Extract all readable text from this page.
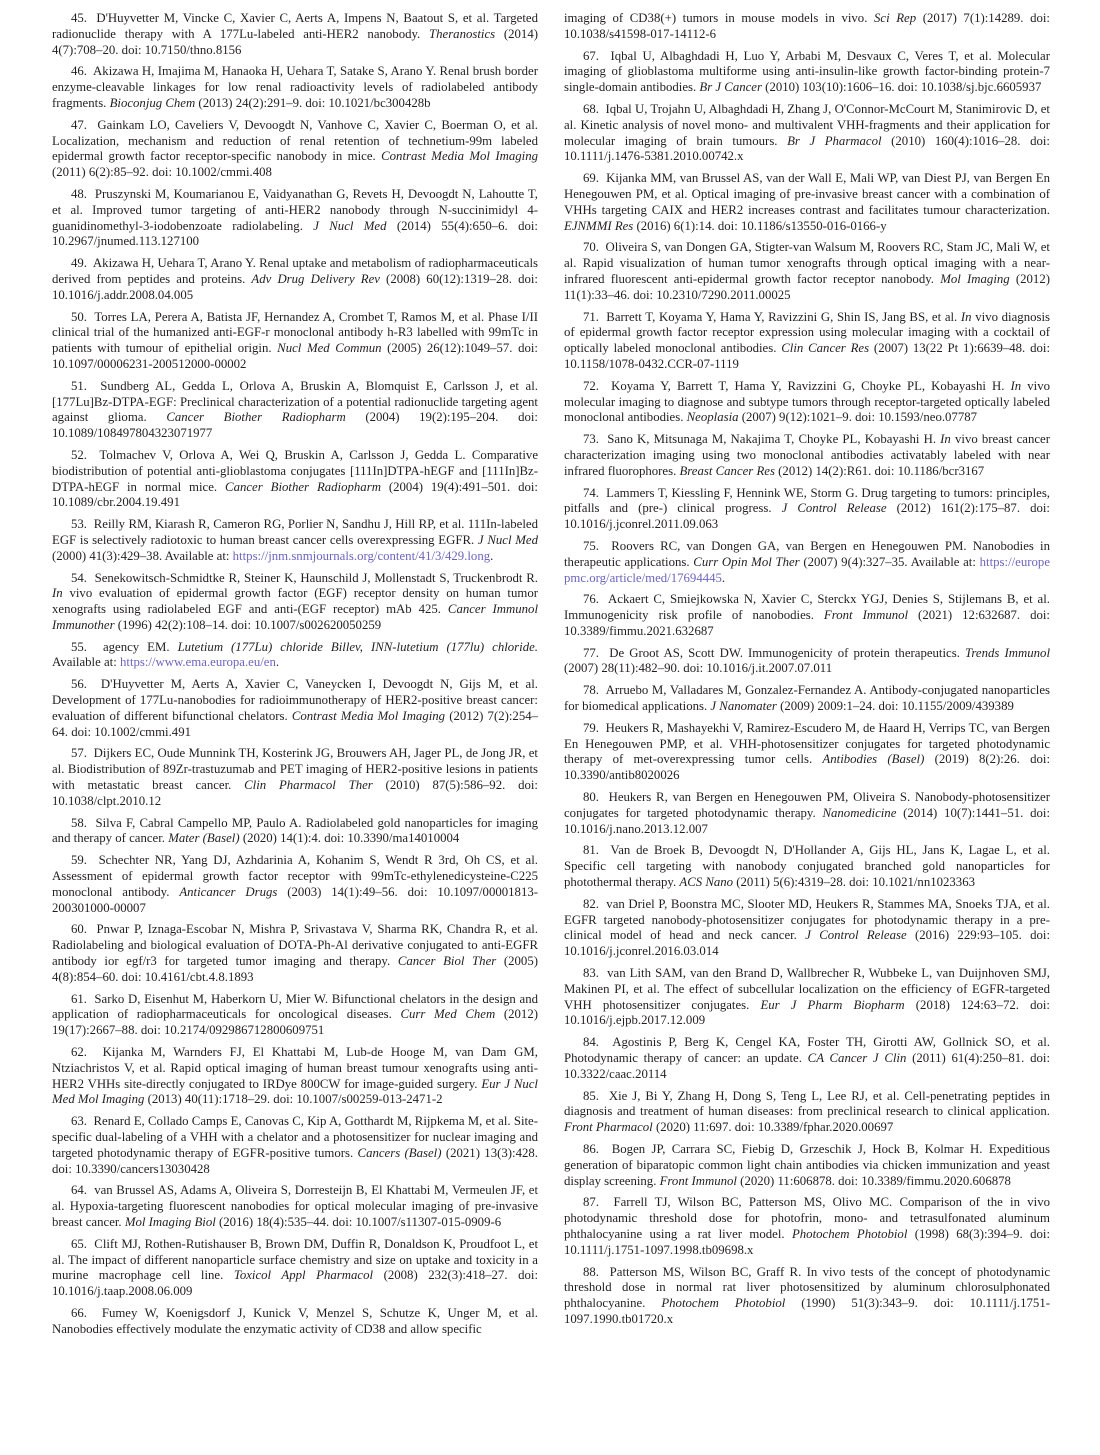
45.  D'Huyvetter M, Vincke C, Xavier C, Aerts A, Impens N, Baatout S, et al. Targeted radionuclide therapy with A 177Lu-labeled anti-HER2 nanobody. Theranostics (2014) 4(7):708–20. doi: 10.7150/thno.8156

46.  Akizawa H, Imajima M, Hanaoka H, Uehara T, Satake S, Arano Y. Renal brush border enzyme-cleavable linkages for low renal radioactivity levels of radiolabeled antibody fragments. Bioconjug Chem (2013) 24(2):291–9. doi: 10.1021/bc300428b

47.  Gainkam LO, Caveliers V, Devoogdt N, Vanhove C, Xavier C, Boerman O, et al. Localization, mechanism and reduction of renal retention of technetium-99m labeled epidermal growth factor receptor-specific nanobody in mice. Contrast Media Mol Imaging (2011) 6(2):85–92. doi: 10.1002/cmmi.408

48.  Pruszynski M, Koumarianou E, Vaidyanathan G, Revets H, Devoogdt N, Lahoutte T, et al. Improved tumor targeting of anti-HER2 nanobody through N-succinimidyl 4-guanidinomethyl-3-iodobenzoate radiolabeling. J Nucl Med (2014) 55(4):650–6. doi: 10.2967/jnumed.113.127100

49.  Akizawa H, Uehara T, Arano Y. Renal uptake and metabolism of radiopharmaceuticals derived from peptides and proteins. Adv Drug Delivery Rev (2008) 60(12):1319–28. doi: 10.1016/j.addr.2008.04.005

50.  Torres LA, Perera A, Batista JF, Hernandez A, Crombet T, Ramos M, et al. Phase I/II clinical trial of the humanized anti-EGF-r monoclonal antibody h-R3 labelled with 99mTc in patients with tumour of epithelial origin. Nucl Med Commun (2005) 26(12):1049–57. doi: 10.1097/00006231-200512000-00002

51.  Sundberg AL, Gedda L, Orlova A, Bruskin A, Blomquist E, Carlsson J, et al. [177Lu]Bz-DTPA-EGF: Preclinical characterization of a potential radionuclide targeting agent against glioma. Cancer Biother Radiopharm (2004) 19(2):195–204. doi: 10.1089/108497804323071977

52.  Tolmachev V, Orlova A, Wei Q, Bruskin A, Carlsson J, Gedda L. Comparative biodistribution of potential anti-glioblastoma conjugates [111In]DTPA-hEGF and [111In]Bz-DTPA-hEGF in normal mice. Cancer Biother Radiopharm (2004) 19(4):491–501. doi: 10.1089/cbr.2004.19.491

53.  Reilly RM, Kiarash R, Cameron RG, Porlier N, Sandhu J, Hill RP, et al. 111In-labeled EGF is selectively radiotoxic to human breast cancer cells overexpressing EGFR. J Nucl Med (2000) 41(3):429–38. Available at: https://jnm.snmjournals.org/content/41/3/429.long.

54.  Senekowitsch-Schmidtke R, Steiner K, Haunschild J, Mollenstadt S, Truckenbrodt R. In vivo evaluation of epidermal growth factor (EGF) receptor density on human tumor xenografts using radiolabeled EGF and anti-(EGF receptor) mAb 425. Cancer Immunol Immunother (1996) 42(2):108–14. doi: 10.1007/s002620050259

55.  agency EM. Lutetium (177Lu) chloride Billev, INN-lutetium (177lu) chloride. Available at: https://www.ema.europa.eu/en.

56.  D'Huyvetter M, Aerts A, Xavier C, Vaneycken I, Devoogdt N, Gijs M, et al. Development of 177Lu-nanobodies for radioimmunotherapy of HER2-positive breast cancer: evaluation of different bifunctional chelators. Contrast Media Mol Imaging (2012) 7(2):254–64. doi: 10.1002/cmmi.491

57.  Dijkers EC, Oude Munnink TH, Kosterink JG, Brouwers AH, Jager PL, de Jong JR, et al. Biodistribution of 89Zr-trastuzumab and PET imaging of HER2-positive lesions in patients with metastatic breast cancer. Clin Pharmacol Ther (2010) 87(5):586–92. doi: 10.1038/clpt.2010.12

58.  Silva F, Cabral Campello MP, Paulo A. Radiolabeled gold nanoparticles for imaging and therapy of cancer. Mater (Basel) (2020) 14(1):4. doi: 10.3390/ma14010004

59.  Schechter NR, Yang DJ, Azhdarinia A, Kohanim S, Wendt R 3rd, Oh CS, et al. Assessment of epidermal growth factor receptor with 99mTc-ethylenedicysteine-C225 monoclonal antibody. Anticancer Drugs (2003) 14(1):49–56. doi: 10.1097/00001813-200301000-00007

60.  Pnwar P, Iznaga-Escobar N, Mishra P, Srivastava V, Sharma RK, Chandra R, et al. Radiolabeling and biological evaluation of DOTA-Ph-Al derivative conjugated to anti-EGFR antibody ior egf/r3 for targeted tumor imaging and therapy. Cancer Biol Ther (2005) 4(8):854–60. doi: 10.4161/cbt.4.8.1893

61.  Sarko D, Eisenhut M, Haberkorn U, Mier W. Bifunctional chelators in the design and application of radiopharmaceuticals for oncological diseases. Curr Med Chem (2012) 19(17):2667–88. doi: 10.2174/092986712800609751

62.  Kijanka M, Warnders FJ, El Khattabi M, Lub-de Hooge M, van Dam GM, Ntziachristos V, et al. Rapid optical imaging of human breast tumour xenografts using anti-HER2 VHHs site-directly conjugated to IRDye 800CW for image-guided surgery. Eur J Nucl Med Mol Imaging (2013) 40(11):1718–29. doi: 10.1007/s00259-013-2471-2

63.  Renard E, Collado Camps E, Canovas C, Kip A, Gotthardt M, Rijpkema M, et al. Site-specific dual-labeling of a VHH with a chelator and a photosensitizer for nuclear imaging and targeted photodynamic therapy of EGFR-positive tumors. Cancers (Basel) (2021) 13(3):428. doi: 10.3390/cancers13030428

64.  van Brussel AS, Adams A, Oliveira S, Dorresteijn B, El Khattabi M, Vermeulen JF, et al. Hypoxia-targeting fluorescent nanobodies for optical molecular imaging of pre-invasive breast cancer. Mol Imaging Biol (2016) 18(4):535–44. doi: 10.1007/s11307-015-0909-6

65.  Clift MJ, Rothen-Rutishauser B, Brown DM, Duffin R, Donaldson K, Proudfoot L, et al. The impact of different nanoparticle surface chemistry and size on uptake and toxicity in a murine macrophage cell line. Toxicol Appl Pharmacol (2008) 232(3):418–27. doi: 10.1016/j.taap.2008.06.009

66.  Fumey W, Koenigsdorf J, Kunick V, Menzel S, Schutze K, Unger M, et al. Nanobodies effectively modulate the enzymatic activity of CD38 and allow specific

imaging of CD38(+) tumors in mouse models in vivo. Sci Rep (2017) 7(1):14289. doi: 10.1038/s41598-017-14112-6

67.  Iqbal U, Albaghdadi H, Luo Y, Arbabi M, Desvaux C, Veres T, et al. Molecular imaging of glioblastoma multiforme using anti-insulin-like growth factor-binding protein-7 single-domain antibodies. Br J Cancer (2010) 103(10):1606–16. doi: 10.1038/sj.bjc.6605937

68.  Iqbal U, Trojahn U, Albaghdadi H, Zhang J, O'Connor-McCourt M, Stanimirovic D, et al. Kinetic analysis of novel mono- and multivalent VHH-fragments and their application for molecular imaging of brain tumours. Br J Pharmacol (2010) 160(4):1016–28. doi: 10.1111/j.1476-5381.2010.00742.x

69.  Kijanka MM, van Brussel AS, van der Wall E, Mali WP, van Diest PJ, van Bergen En Henegouwen PM, et al. Optical imaging of pre-invasive breast cancer with a combination of VHHs targeting CAIX and HER2 increases contrast and facilitates tumour characterization. EJNMMI Res (2016) 6(1):14. doi: 10.1186/s13550-016-0166-y

70.  Oliveira S, van Dongen GA, Stigter-van Walsum M, Roovers RC, Stam JC, Mali W, et al. Rapid visualization of human tumor xenografts through optical imaging with a near-infrared fluorescent anti-epidermal growth factor receptor nanobody. Mol Imaging (2012) 11(1):33–46. doi: 10.2310/7290.2011.00025

71.  Barrett T, Koyama Y, Hama Y, Ravizzini G, Shin IS, Jang BS, et al. In vivo diagnosis of epidermal growth factor receptor expression using molecular imaging with a cocktail of optically labeled monoclonal antibodies. Clin Cancer Res (2007) 13(22 Pt 1):6639–48. doi: 10.1158/1078-0432.CCR-07-1119

72.  Koyama Y, Barrett T, Hama Y, Ravizzini G, Choyke PL, Kobayashi H. In vivo molecular imaging to diagnose and subtype tumors through receptor-targeted optically labeled monoclonal antibodies. Neoplasia (2007) 9(12):1021–9. doi: 10.1593/neo.07787

73.  Sano K, Mitsunaga M, Nakajima T, Choyke PL, Kobayashi H. In vivo breast cancer characterization imaging using two monoclonal antibodies activatably labeled with near infrared fluorophores. Breast Cancer Res (2012) 14(2):R61. doi: 10.1186/bcr3167

74.  Lammers T, Kiessling F, Hennink WE, Storm G. Drug targeting to tumors: principles, pitfalls and (pre-) clinical progress. J Control Release (2012) 161(2):175–87. doi: 10.1016/j.jconrel.2011.09.063

75.  Roovers RC, van Dongen GA, van Bergen en Henegouwen PM. Nanobodies in therapeutic applications. Curr Opin Mol Ther (2007) 9(4):327–35. Available at: https://europepmc.org/article/med/17694445.

76.  Ackaert C, Smiejkowska N, Xavier C, Sterckx YGJ, Denies S, Stijlemans B, et al. Immunogenicity risk profile of nanobodies. Front Immunol (2021) 12:632687. doi: 10.3389/fimmu.2021.632687

77.  De Groot AS, Scott DW. Immunogenicity of protein therapeutics. Trends Immunol (2007) 28(11):482–90. doi: 10.1016/j.it.2007.07.011

78.  Arruebo M, Valladares M, Gonzalez-Fernandez A. Antibody-conjugated nanoparticles for biomedical applications. J Nanomater (2009) 2009:1–24. doi: 10.1155/2009/439389

79.  Heukers R, Mashayekhi V, Ramirez-Escudero M, de Haard H, Verrips TC, van Bergen En Henegouwen PMP, et al. VHH-photosensitizer conjugates for targeted photodynamic therapy of met-overexpressing tumor cells. Antibodies (Basel) (2019) 8(2):26. doi: 10.3390/antib8020026

80.  Heukers R, van Bergen en Henegouwen PM, Oliveira S. Nanobody-photosensitizer conjugates for targeted photodynamic therapy. Nanomedicine (2014) 10(7):1441–51. doi: 10.1016/j.nano.2013.12.007

81.  Van de Broek B, Devoogdt N, D'Hollander A, Gijs HL, Jans K, Lagae L, et al. Specific cell targeting with nanobody conjugated branched gold nanoparticles for photothermal therapy. ACS Nano (2011) 5(6):4319–28. doi: 10.1021/nn1023363

82.  van Driel P, Boonstra MC, Slooter MD, Heukers R, Stammes MA, Snoeks TJA, et al. EGFR targeted nanobody-photosensitizer conjugates for photodynamic therapy in a pre-clinical model of head and neck cancer. J Control Release (2016) 229:93–105. doi: 10.1016/j.jconrel.2016.03.014

83.  van Lith SAM, van den Brand D, Wallbrecher R, Wubbeke L, van Duijnhoven SMJ, Makinen PI, et al. The effect of subcellular localization on the efficiency of EGFR-targeted VHH photosensitizer conjugates. Eur J Pharm Biopharm (2018) 124:63–72. doi: 10.1016/j.ejpb.2017.12.009

84.  Agostinis P, Berg K, Cengel KA, Foster TH, Girotti AW, Gollnick SO, et al. Photodynamic therapy of cancer: an update. CA Cancer J Clin (2011) 61(4):250–81. doi: 10.3322/caac.20114

85.  Xie J, Bi Y, Zhang H, Dong S, Teng L, Lee RJ, et al. Cell-penetrating peptides in diagnosis and treatment of human diseases: from preclinical research to clinical application. Front Pharmacol (2020) 11:697. doi: 10.3389/fphar.2020.00697

86.  Bogen JP, Carrara SC, Fiebig D, Grzeschik J, Hock B, Kolmar H. Expeditious generation of biparatopic common light chain antibodies via chicken immunization and yeast display screening. Front Immunol (2020) 11:606878. doi: 10.3389/fimmu.2020.606878

87.  Farrell TJ, Wilson BC, Patterson MS, Olivo MC. Comparison of the in vivo photodynamic threshold dose for photofrin, mono- and tetrasulfonated aluminum phthalocyanine using a rat liver model. Photochem Photobiol (1998) 68(3):394–9. doi: 10.1111/j.1751-1097.1998.tb09698.x

88.  Patterson MS, Wilson BC, Graff R. In vivo tests of the concept of photodynamic threshold dose in normal rat liver photosensitized by aluminum chlorosulphonated phthalocyanine. Photochem Photobiol (1990) 51(3):343–9. doi: 10.1111/j.1751-1097.1990.tb01720.x
